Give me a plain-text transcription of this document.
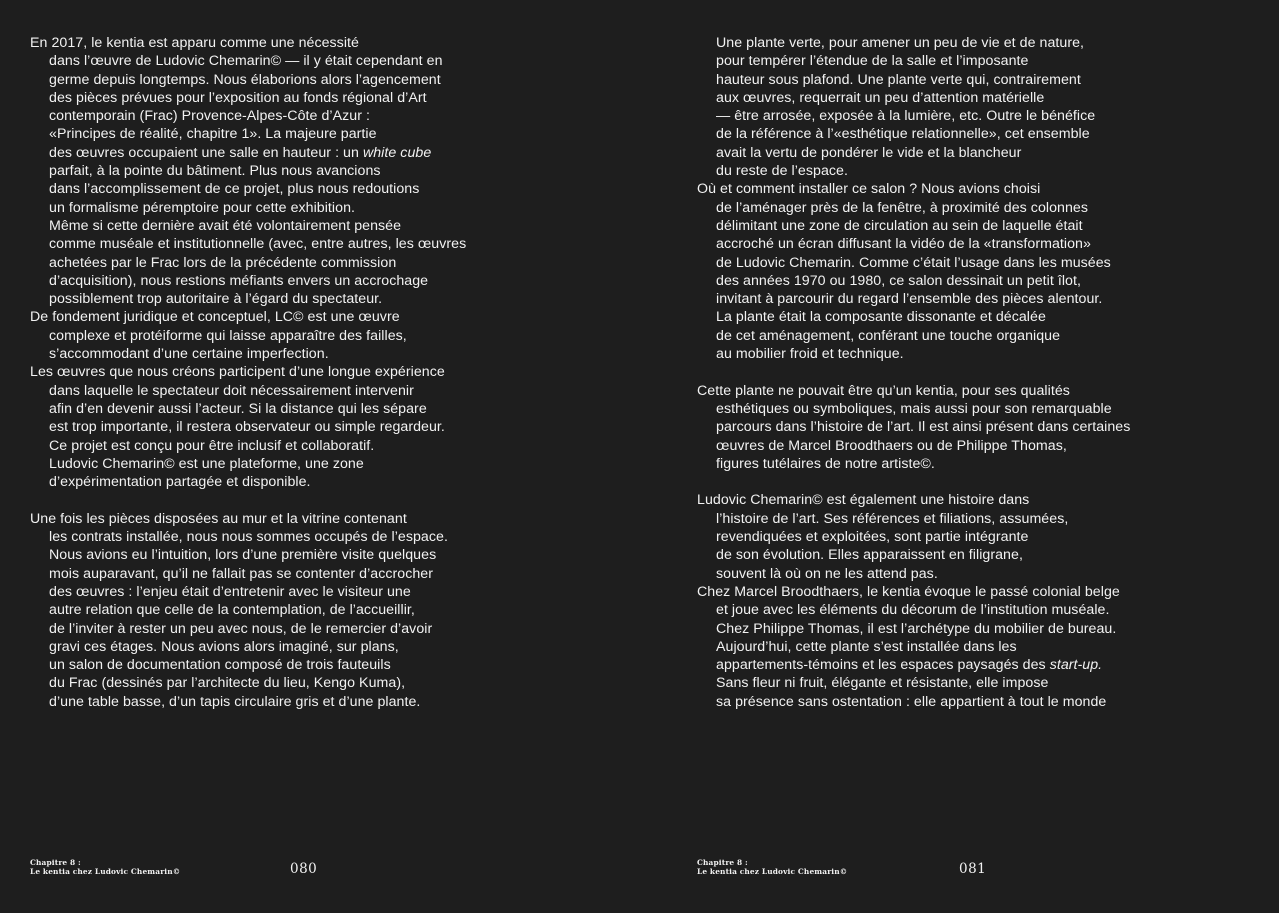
En 2017, le kentia est apparu comme une nécessité
dans l’œuvre de Ludovic Chemarin© — il y était cependant en
germe depuis longtemps. Nous élaborions alors l’agencement
des pièces prévues pour l’exposition au fonds régional d’Art
contemporain (Frac) Provence-Alpes-Côte d’Azur :
«Principes de réalité, chapitre 1». La majeure partie
des œuvres occupaient une salle en hauteur : un white cube
parfait, à la pointe du bâtiment. Plus nous avancions
dans l’accomplissement de ce projet, plus nous redoutions
un formalisme péremptoire pour cette exhibition.
Même si cette dernière avait été volontairement pensée
comme muséale et institutionnelle (avec, entre autres, les œuvres
achetées par le Frac lors de la précédente commission
d’acquisition), nous restions méfiants envers un accrochage
possiblement trop autoritaire à l’égard du spectateur.

De fondement juridique et conceptuel, LC© est une œuvre
complexe et protéiforme qui laisse apparaître des failles,
s’accommodant d’une certaine imperfection.

Les œuvres que nous créons participent d’une longue expérience
dans laquelle le spectateur doit nécessairement intervenir
afin d’en devenir aussi l’acteur. Si la distance qui les sépare
est trop importante, il restera observateur ou simple regardeur.
Ce projet est conçu pour être inclusif et collaboratif.
Ludovic Chemarin© est une plateforme, une zone
d’expérimentation partagée et disponible.

Une fois les pièces disposées au mur et la vitrine contenant
les contrats installée, nous nous sommes occupés de l’espace.
Nous avions eu l’intuition, lors d’une première visite quelques
mois auparavant, qu’il ne fallait pas se contenter d’accrocher
des œuvres : l’enjeu était d’entretenir avec le visiteur une
autre relation que celle de la contemplation, de l’accueillir,
de l’inviter à rester un peu avec nous, de le remercier d’avoir
gravi ces étages. Nous avions alors imaginé, sur plans,
un salon de documentation composé de trois fauteuils
du Frac (dessinés par l’architecte du lieu, Kengo Kuma),
d’une table basse, d’un tapis circulaire gris et d’une plante.

Chapitre 8 :
Le kentia chez Ludovic Chemarin©	080

Une plante verte, pour amener un peu de vie et de nature,
pour tempérer l’étendue de la salle et l’imposante
hauteur sous plafond. Une plante verte qui, contrairement
aux œuvres, requerrait un peu d’attention matérielle
— être arrosée, exposée à la lumière, etc. Outre le bénéfice
de la référence à l’«esthétique relationnelle», cet ensemble
avait la vertu de pondérer le vide et la blancheur
du reste de l’espace.

Où et comment installer ce salon ? Nous avions choisi
de l’aménager près de la fenêtre, à proximité des colonnes
délimitant une zone de circulation au sein de laquelle était
accroché un écran diffusant la vidéo de la «transformation»
de Ludovic Chemarin. Comme c’était l’usage dans les musées
des années 1970 ou 1980, ce salon dessinait un petit îlot,
invitant à parcourir du regard l’ensemble des pièces alentour.
La plante était la composante dissonante et décalée
de cet aménagement, conférant une touche organique
au mobilier froid et technique.

Cette plante ne pouvait être qu’un kentia, pour ses qualités
esthétiques ou symboliques, mais aussi pour son remarquable
parcours dans l’histoire de l’art. Il est ainsi présent dans certaines
œuvres de Marcel Broodthaers ou de Philippe Thomas,
figures tutélaires de notre artiste©.

Ludovic Chemarin© est également une histoire dans
l’histoire de l’art. Ses références et filiations, assumées,
revendiquées et exploitées, sont partie intégrante
de son évolution. Elles apparaissent en filigrane,
souvent là où on ne les attend pas.

Chez Marcel Broodthaers, le kentia évoque le passé colonial belge
et joue avec les éléments du décorum de l’institution muséale.
Chez Philippe Thomas, il est l’archétype du mobilier de bureau.
Aujourd’hui, cette plante s’est installée dans les
appartements-témoins et les espaces paysagés des start-up.
Sans fleur ni fruit, élégante et résistante, elle impose
sa présence sans ostentation : elle appartient à tout le monde

Chapitre 8 :
Le kentia chez Ludovic Chemarin©	081
